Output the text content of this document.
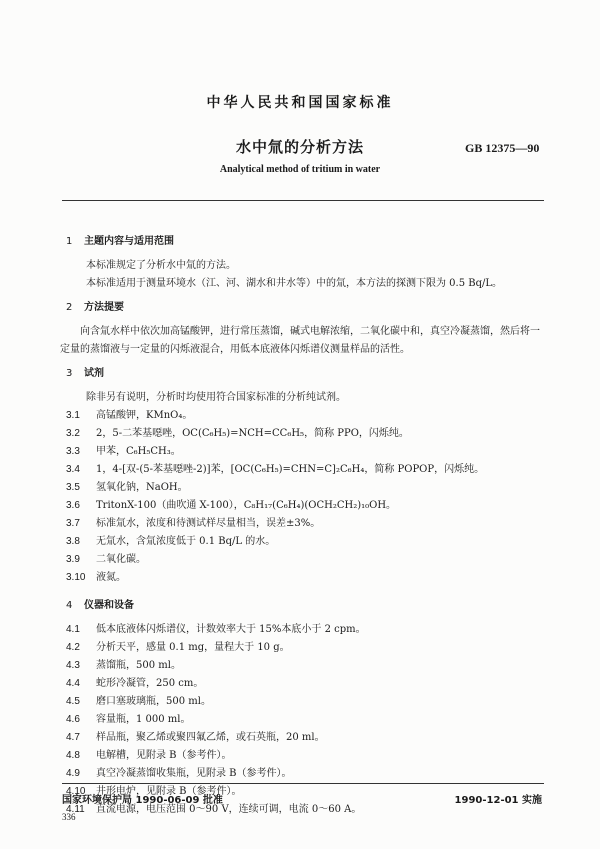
中华人民共和国国家标准
水中氚的分析方法	GB 12375—90
Analytical method of tritium in water
1 主题内容与适用范围
本标准规定了分析水中氚的方法。
本标准适用于测量环境水（江、河、湖水和井水等）中的氚，本方法的探测下限为 0.5 Bq/L。
2 方法提要
向含氚水样中依次加高锰酸钾，进行常压蒸馏，碱式电解浓缩，二氧化碳中和，真空冷凝蒸馏，然后将一定量的蒸馏液与一定量的闪烁液混合，用低本底液体闪烁谱仪测量样品的活性。
3 试剂
除非另有说明，分析时均使用符合国家标准的分析纯试剂。
3.1 高锰酸钾，KMnO₄。
3.2 2，5-二苯基噁唑，OC(C₆H₅)=NCH=CC₆H₅，简称 PPO，闪烁纯。
3.3 甲苯，C₆H₅CH₃。
3.4 1，4-[双-(5-苯基噁唑-2)]苯，[OC(C₆H₅)=CHN=C]₂C₆H₄，简称 POPOP，闪烁纯。
3.5 氢氧化钠，NaOH。
3.6 TritonX-100（曲吹通 X-100），C₈H₁₇(C₆H₄)(OCH₂CH₂)₁₀OH。
3.7 标准氚水，浓度和待测试样尽量相当，误差±3%。
3.8 无氚水，含氚浓度低于 0.1 Bq/L 的水。
3.9 二氧化碳。
3.10 液氮。
4 仪器和设备
4.1 低本底液体闪烁谱仪，计数效率大于 15%本底小于 2 cpm。
4.2 分析天平，感量 0.1 mg，量程大于 10 g。
4.3 蒸馏瓶，500 ml。
4.4 蛇形冷凝管，250 cm。
4.5 磨口塞玻璃瓶，500 ml。
4.6 容量瓶，1 000 ml。
4.7 样品瓶，聚乙烯或聚四氟乙烯，或石英瓶，20 ml。
4.8 电解槽，见附录 B（参考件）。
4.9 真空冷凝蒸馏收集瓶，见附录 B（参考件）。
4.10 井形电炉，见附录 B（参考件）。
4.11 直流电源，电压范围 0～90 V，连续可调，电流 0～60 A。
国家环境保护局 1990-06-09 批准	1990-12-01 实施
336
